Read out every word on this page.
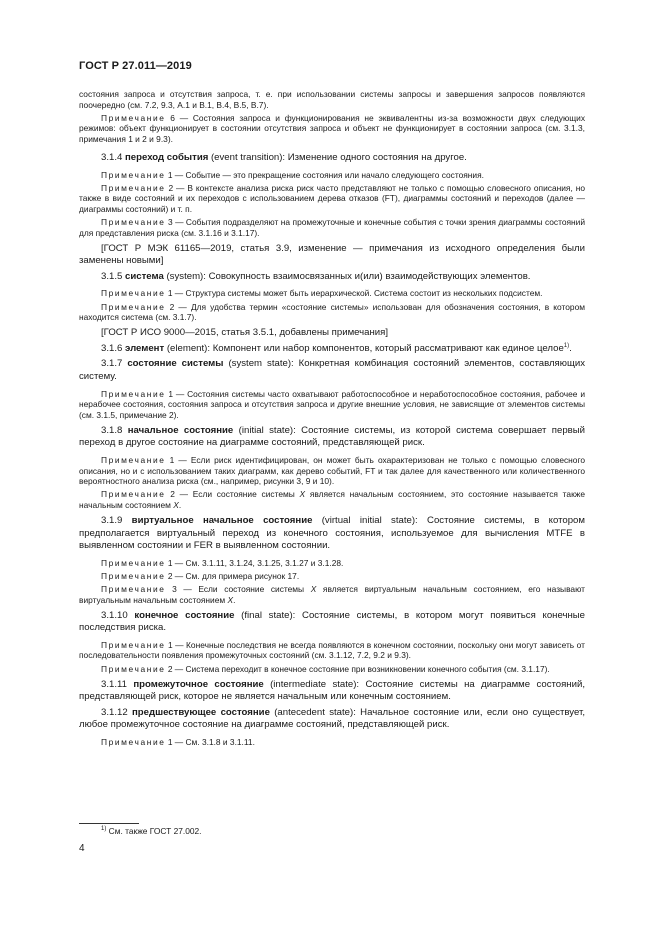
ГОСТ Р 27.011—2019

состояния запроса и отсутствия запроса, т. е. при использовании системы запросы и завершения запросов появляются поочередно (см. 7.2, 9.3, А.1 и В.1, В.4, В.5, В.7).

Примечание 6 — Состояния запроса и функционирования не эквивалентны из-за возможности двух следующих режимов: объект функционирует в состоянии отсутствия запроса и объект не функционирует в состоянии запроса (см. 3.1.3, примечания 1 и 2 и 9.3).

3.1.4 переход события (event transition): Изменение одного состояния на другое.

Примечание 1 — Событие — это прекращение состояния или начало следующего состояния.

Примечание 2 — В контексте анализа риска риск часто представляют не только с помощью словесного описания, но также в виде состояний и их переходов с использованием дерева отказов (FT), диаграммы состояний и переходов (далее — диаграммы состояний) и т. п.

Примечание 3 — События подразделяют на промежуточные и конечные события с точки зрения диаграммы состояний для представления риска (см. 3.1.16 и 3.1.17).

[ГОСТ Р МЭК 61165—2019, статья 3.9, изменение — примечания из исходного определения были заменены новыми]

3.1.5 система (system): Совокупность взаимосвязанных и(или) взаимодействующих элементов.

Примечание 1 — Структура системы может быть иерархической. Система состоит из нескольких подсистем.

Примечание 2 — Для удобства термин «состояние системы» использован для обозначения состояния, в котором находится система (см. 3.1.7).

[ГОСТ Р ИСО 9000—2015, статья 3.5.1, добавлены примечания]

3.1.6 элемент (element): Компонент или набор компонентов, который рассматривают как единое целое$^{1)}$.

3.1.7 состояние системы (system state): Конкретная комбинация состояний элементов, составляющих систему.

Примечание 1 — Состояния системы часто охватывают работоспособное и неработоспособное состояния, рабочее и нерабочее состояния, состояния запроса и отсутствия запроса и другие внешние условия, не зависящие от элементов системы (см. 3.1.5, примечание 2).

3.1.8 начальное состояние (initial state): Состояние системы, из которой система совершает первый переход в другое состояние на диаграмме состояний, представляющей риск.

Примечание 1 — Если риск идентифицирован, он может быть охарактеризован не только с помощью словесного описания, но и с использованием таких диаграмм, как дерево событий, FT и так далее для качественного или количественного вероятностного анализа риска (см., например, рисунки 3, 9 и 10).

Примечание 2 — Если состояние системы X является начальным состоянием, это состояние называется также начальным состоянием X.

3.1.9 виртуальное начальное состояние (virtual initial state): Состояние системы, в котором предполагается виртуальный переход из конечного состояния, используемое для вычисления MTFE в выявленном состоянии и FER в выявленном состоянии.

Примечание 1 — См. 3.1.11, 3.1.24, 3.1.25, 3.1.27 и 3.1.28.

Примечание 2 — См. для примера рисунок 17.

Примечание 3 — Если состояние системы X является виртуальным начальным состоянием, его называют виртуальным начальным состоянием X.

3.1.10 конечное состояние (final state): Состояние системы, в котором могут появиться конечные последствия риска.

Примечание 1 — Конечные последствия не всегда появляются в конечном состоянии, поскольку они могут зависеть от последовательности появления промежуточных состояний (см. 3.1.12, 7.2, 9.2 и 9.3).

Примечание 2 — Система переходит в конечное состояние при возникновении конечного события (см. 3.1.17).

3.1.11 промежуточное состояние (intermediate state): Состояние системы на диаграмме состояний, представляющей риск, которое не является начальным или конечным состоянием.

3.1.12 предшествующее состояние (antecedent state): Начальное состояние или, если оно существует, любое промежуточное состояние на диаграмме состояний, представляющей риск.

Примечание 1 — См. 3.1.8 и 3.1.11.

$^{1)}$ См. также ГОСТ 27.002.
4
